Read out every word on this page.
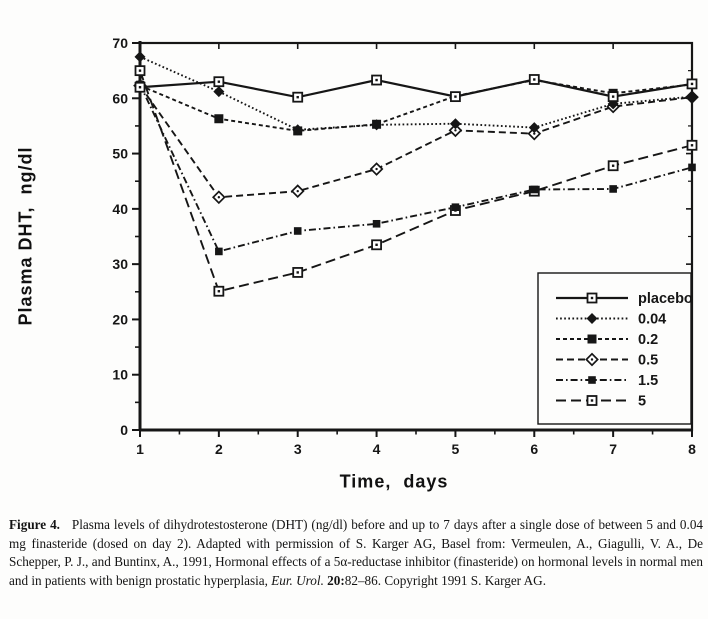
0
10
20
30
40
50
60
70
1	2	3	4	5	6	7	8
placebo
0.04
0.2
0.5
1.5
5
Plasma DHT,  ng/dl
Time,  days
Figure 4.   Plasma levels of dihydrotestosterone (DHT) (ng/dl) before and up to 7 days after a single dose of between 5 and 0.04 mg finasteride (dosed on day 2). Adapted with permission of S. Karger AG, Basel from: Vermeulen, A., Giagulli, V. A., De Schepper, P. J., and Buntinx, A., 1991, Hormonal effects of a 5α-reductase inhibitor (finasteride) on hormonal levels in normal men and in patients with benign prostatic hyperplasia, Eur. Urol. 20:82–86. Copyright 1991 S. Karger AG.
